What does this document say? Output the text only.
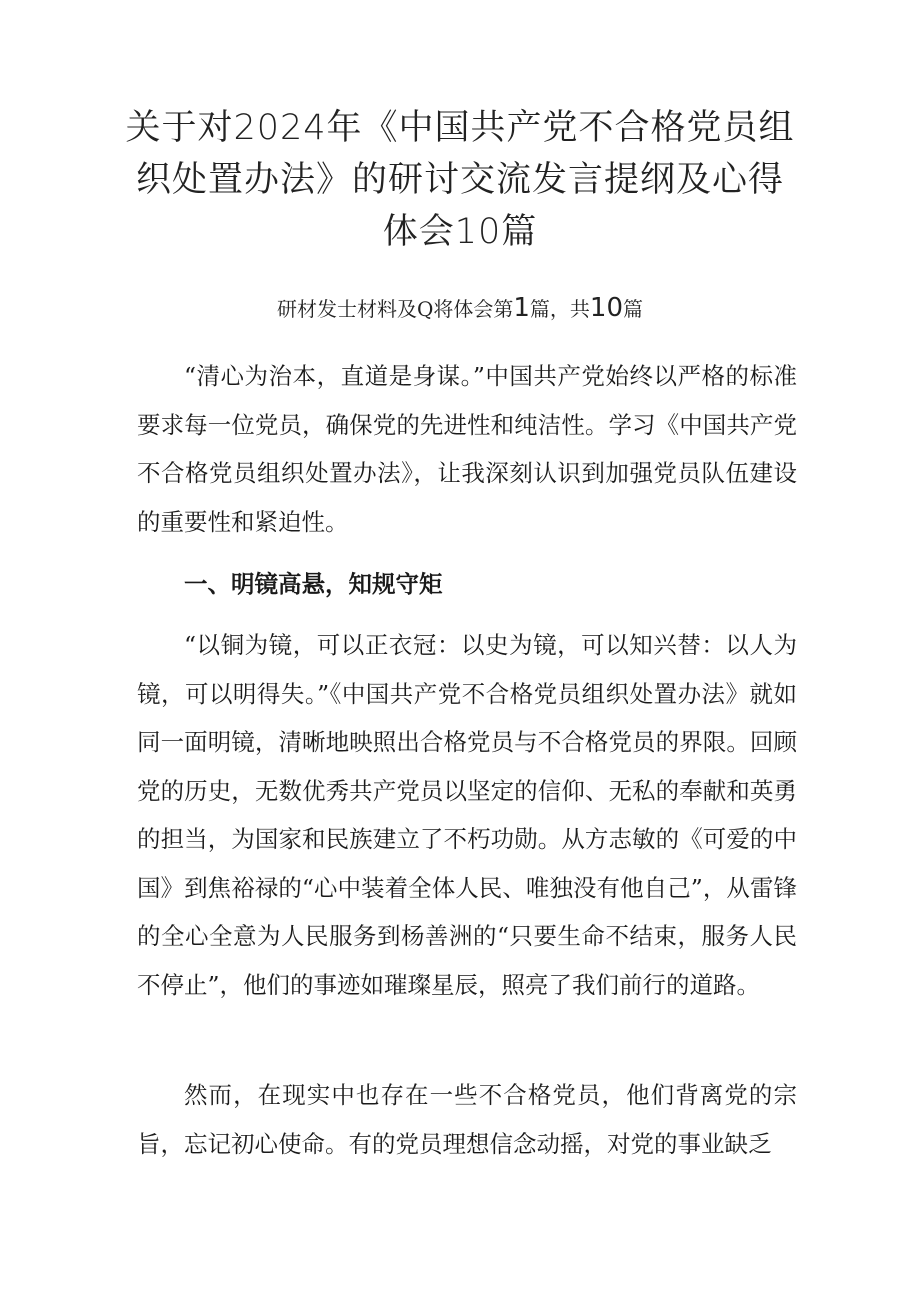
关于对2024年《中国共产党不合格党员组织处置办法》的研讨交流发言提纲及心得体会10篇
研材发士材料及Q将体会第1篇，共10篇

“清心为治本，直道是身谋。”中国共产党始终以严格的标准要求每一位党员，确保党的先进性和纯洁性。学习《中国共产党不合格党员组织处置办法》，让我深刻认识到加强党员队伍建设的重要性和紧迫性。

一、明镜高悬，知规守矩

“以铜为镜，可以正衣冠：以史为镜，可以知兴替：以人为镜，可以明得失。”《中国共产党不合格党员组织处置办法》就如同一面明镜，清晰地映照出合格党员与不合格党员的界限。回顾党的历史，无数优秀共产党员以坚定的信仰、无私的奉献和英勇的担当，为国家和民族建立了不朽功勋。从方志敏的《可爱的中国》到焦裕禄的“心中装着全体人民、唯独没有他自己”，从雷锋的全心全意为人民服务到杨善洲的“只要生命不结束，服务人民不停止”，他们的事迹如璀璨星辰，照亮了我们前行的道路。

然而，在现实中也存在一些不合格党员，他们背离党的宗旨，忘记初心使命。有的党员理想信念动摇，对党的事业缺乏
